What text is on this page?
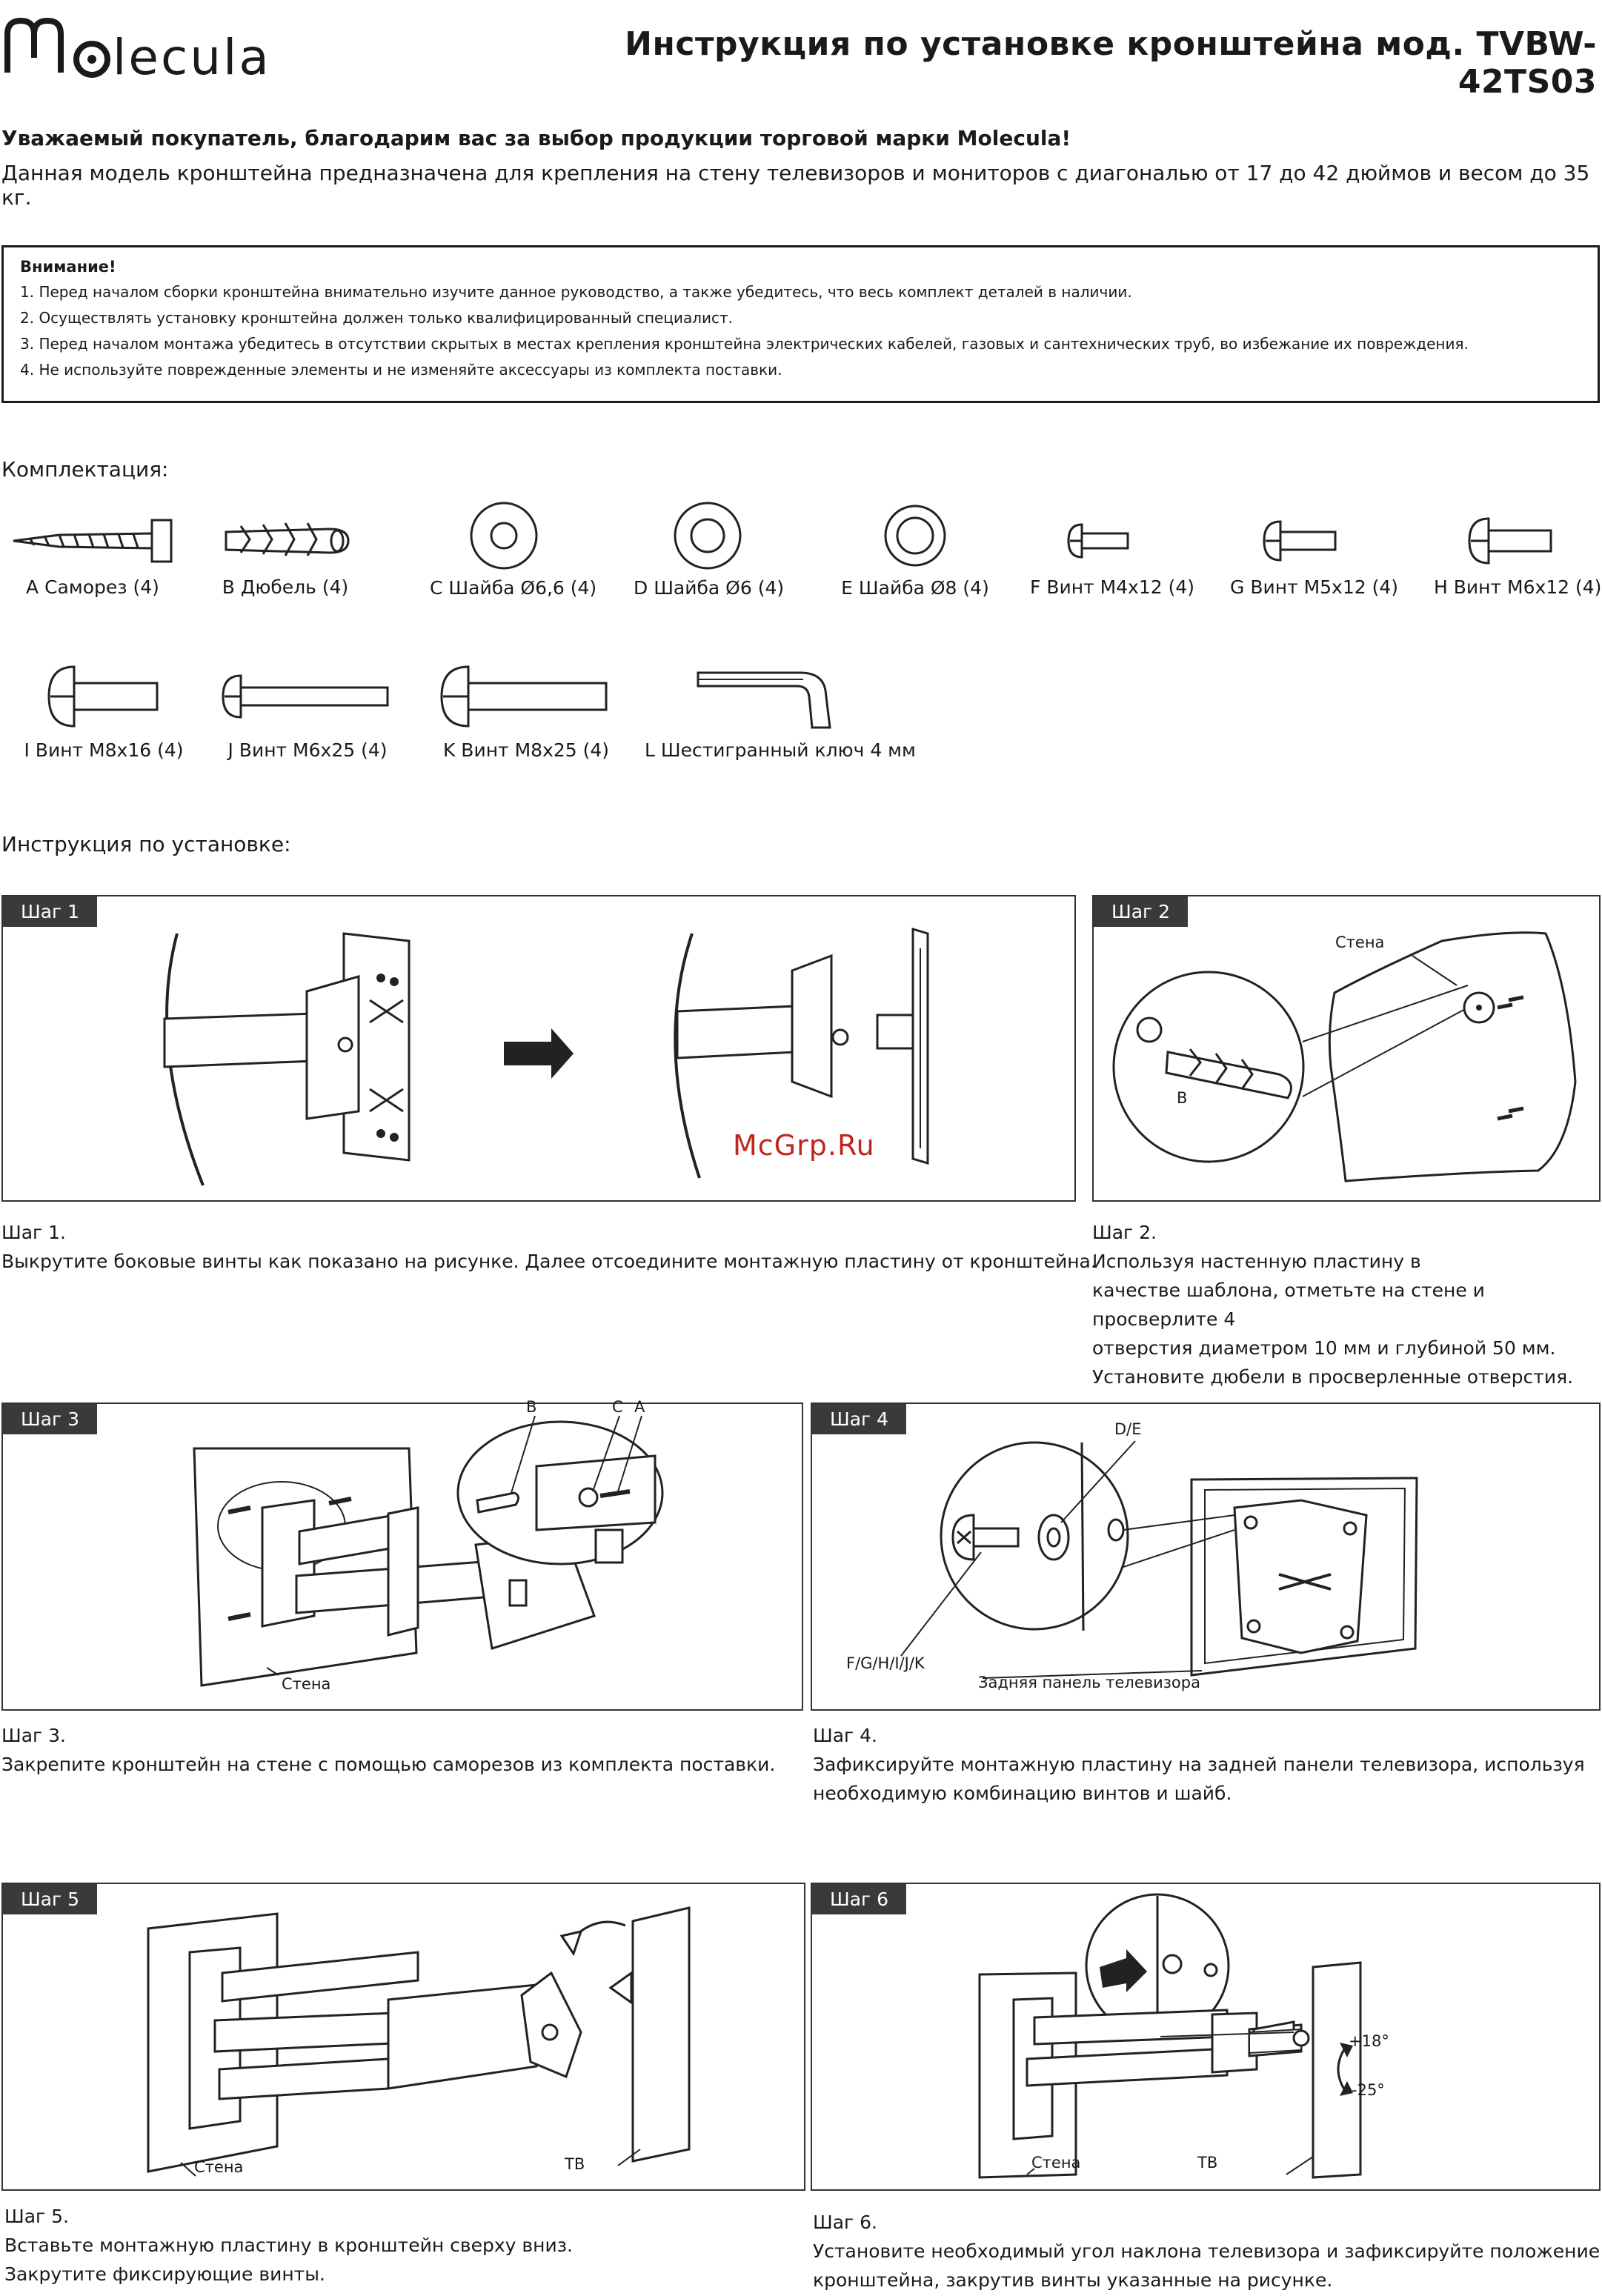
lecula	Инструкция по установке кронштейна мод. TVBW-42TS03
Уважаемый покупатель, благодарим вас за выбор продукции торговой марки Molecula!
Данная модель кронштейна предназначена для крепления на стену телевизоров и мониторов с диагональю от 17 до 42 дюймов и весом до 35 кг.
Внимание!
1. Перед началом сборки кронштейна внимательно изучите данное руководство, а также убедитесь, что весь комплект деталей в наличии.
2. Осуществлять установку кронштейна должен только квалифицированный специалист.
3. Перед началом монтажа убедитесь в отсутствии скрытых в местах крепления кронштейна электрических кабелей, газовых и сантехнических труб, во избежание их повреждения.
4. Не используйте поврежденные элементы и не изменяйте аксессуары из комплекта поставки.
Комплектация:
A Саморез (4)	B Дюбель (4)	C Шайба Ø6,6 (4) D Шайба Ø6 (4)	E Шайба Ø8 (4) F Винт М4x12 (4) G Винт М5x12 (4) H Винт М6x12 (4)
I Винт М8x16 (4)	J Винт М6x25 (4)	K Винт М8x25 (4)	L Шестигранный ключ 4 мм
Инструкция по установке:
Шаг 1
McGrp.Ru
Шаг 2
Стена
B
Шаг 1.
Выкрутите боковые винты как показано на рисунке. Далее отсоедините монтажную пластину от кронштейна.
Шаг 2.
Используя настенную пластину в
качестве шаблона, отметьте на стене и просверлите 4
отверстия диаметром 10 мм и глубиной 50 мм.
Установите дюбели в просверленные отверстия.
Шаг 3
B	C A
Стена
Шаг 4	D/E
F/G/H/I/J/K
Задняя панель телевизора
Шаг 3.
Закрепите кронштейн на стене с помощью саморезов из комплекта поставки.
Шаг 4.
Зафиксируйте монтажную пластину на задней панели телевизора, используя
необходимую комбинацию винтов и шайб.
Шаг 5
Стена	ТВ
Шаг 6
+18°
-25°
Стена	ТВ
Шаг 5.
Вставьте монтажную пластину в кронштейн сверху вниз.
Закрутите фиксирующие винты.
Шаг 6.
Установите необходимый угол наклона телевизора и зафиксируйте положение
кронштейна, закрутив винты указанные на рисунке.
